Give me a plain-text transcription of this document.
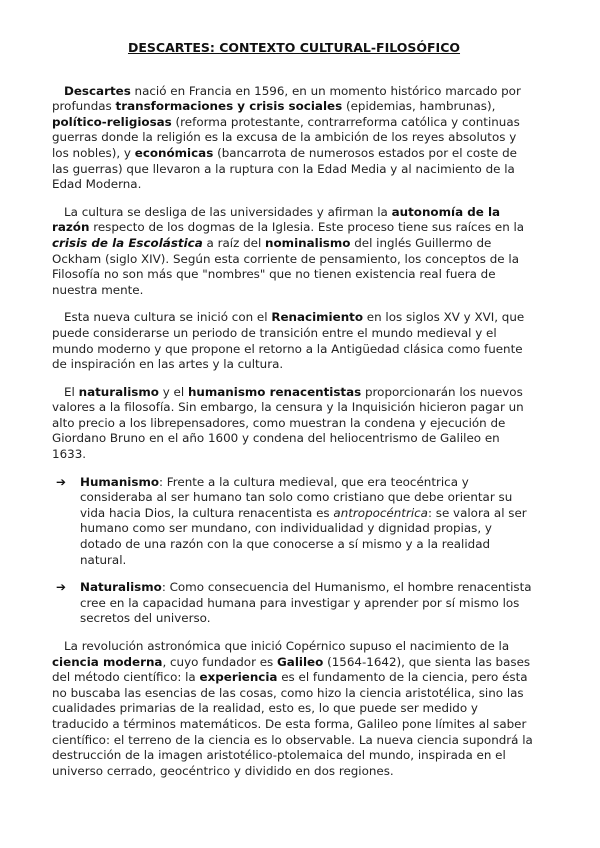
DESCARTES: CONTEXTO CULTURAL-FILOSÓFICO

Descartes nació en Francia en 1596, en un momento histórico marcado por profundas transformaciones y crisis sociales (epidemias, hambrunas), político-religiosas (reforma protestante, contrarreforma católica y continuas guerras donde la religión es la excusa de la ambición de los reyes absolutos y los nobles), y económicas (bancarrota de numerosos estados por el coste de las guerras) que llevaron a la ruptura con la Edad Media y al nacimiento de la Edad Moderna.

La cultura se desliga de las universidades y afirman la autonomía de la razón respecto de los dogmas de la Iglesia. Este proceso tiene sus raíces en la crisis de la Escolástica a raíz del nominalismo del inglés Guillermo de Ockham (siglo XIV). Según esta corriente de pensamiento, los conceptos de la Filosofía no son más que "nombres" que no tienen existencia real fuera de nuestra mente.

Esta nueva cultura se inició con el Renacimiento en los siglos XV y XVI, que puede considerarse un periodo de transición entre el mundo medieval y el mundo moderno y que propone el retorno a la Antigüedad clásica como fuente de inspiración en las artes y la cultura.

El naturalismo y el humanismo renacentistas proporcionarán los nuevos valores a la filosofía. Sin embargo, la censura y la Inquisición hicieron pagar un alto precio a los librepensadores, como muestran la condena y ejecución de Giordano Bruno en el año 1600 y condena del heliocentrismo de Galileo en 1633.

➔ Humanismo: Frente a la cultura medieval, que era teocéntrica y consideraba al ser humano tan solo como cristiano que debe orientar su vida hacia Dios, la cultura renacentista es antropocéntrica: se valora al ser humano como ser mundano, con individualidad y dignidad propias, y dotado de una razón con la que conocerse a sí mismo y a la realidad natural.
➔ Naturalismo: Como consecuencia del Humanismo, el hombre renacentista cree en la capacidad humana para investigar y aprender por sí mismo los secretos del universo.

La revolución astronómica que inició Copérnico supuso el nacimiento de la ciencia moderna, cuyo fundador es Galileo (1564-1642), que sienta las bases del método científico: la experiencia es el fundamento de la ciencia, pero ésta no buscaba las esencias de las cosas, como hizo la ciencia aristotélica, sino las cualidades primarias de la realidad, esto es, lo que puede ser medido y traducido a términos matemáticos. De esta forma, Galileo pone límites al saber científico: el terreno de la ciencia es lo observable. La nueva ciencia supondrá la destrucción de la imagen aristotélico-ptolemaica del mundo, inspirada en el universo cerrado, geocéntrico y dividido en dos regiones.
